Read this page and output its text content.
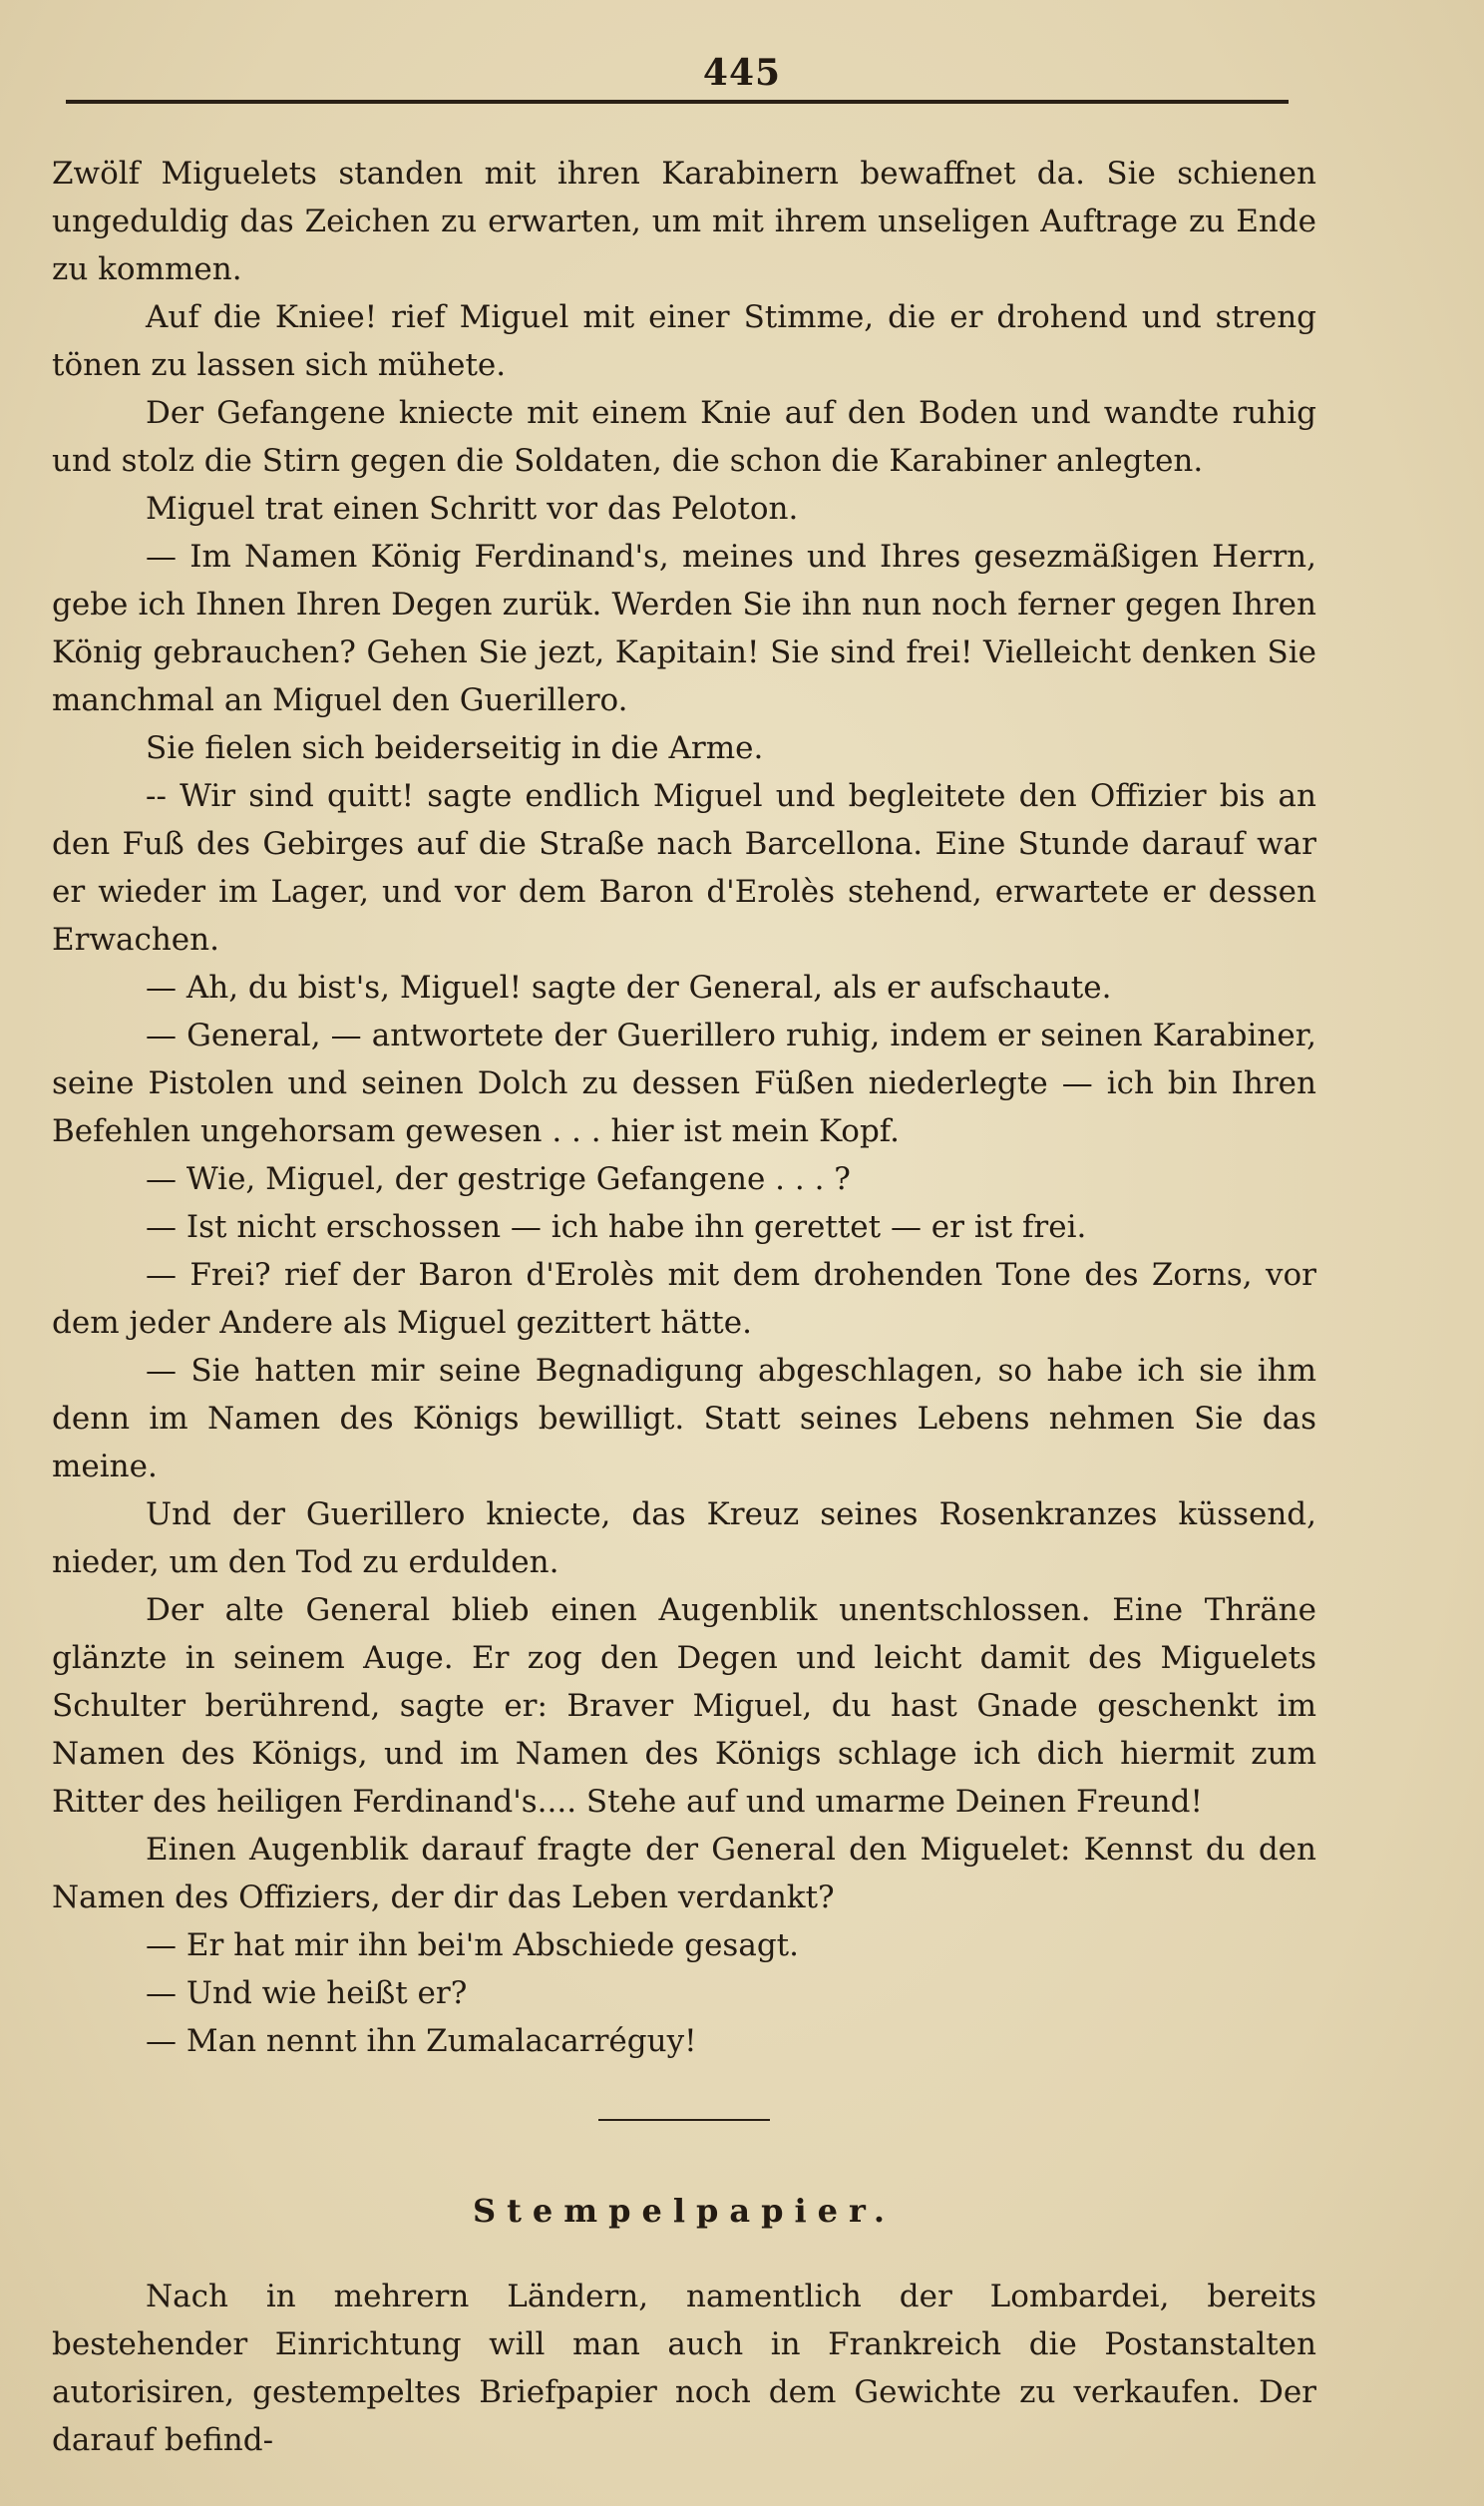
445

Zwölf Miguelets standen mit ihren Karabinern bewaffnet da. Sie schienen ungeduldig das Zeichen zu erwarten, um mit ihrem unseligen Auftrage zu Ende zu kommen.

Auf die Kniee! rief Miguel mit einer Stimme, die er drohend und streng tönen zu lassen sich mühete.

Der Gefangene kniecte mit einem Knie auf den Boden und wandte ruhig und stolz die Stirn gegen die Soldaten, die schon die Karabiner anlegten.

Miguel trat einen Schritt vor das Peloton.

— Im Namen König Ferdinand's, meines und Ihres gesezmäßigen Herrn, gebe ich Ihnen Ihren Degen zurük. Werden Sie ihn nun noch ferner gegen Ihren König gebrauchen? Gehen Sie jezt, Kapitain! Sie sind frei! Vielleicht denken Sie manchmal an Miguel den Guerillero.

Sie fielen sich beiderseitig in die Arme.

-- Wir sind quitt! sagte endlich Miguel und begleitete den Offizier bis an den Fuß des Gebirges auf die Straße nach Barcellona. Eine Stunde darauf war er wieder im Lager, und vor dem Baron d'Erolès stehend, erwartete er dessen Erwachen.

— Ah, du bist's, Miguel! sagte der General, als er aufschaute.

— General, — antwortete der Guerillero ruhig, indem er seinen Karabiner, seine Pistolen und seinen Dolch zu dessen Füßen niederlegte — ich bin Ihren Befehlen ungehorsam gewesen . . . hier ist mein Kopf.

— Wie, Miguel, der gestrige Gefangene . . . ?

— Ist nicht erschossen — ich habe ihn gerettet — er ist frei.

— Frei? rief der Baron d'Erolès mit dem drohenden Tone des Zorns, vor dem jeder Andere als Miguel gezittert hätte.

— Sie hatten mir seine Begnadigung abgeschlagen, so habe ich sie ihm denn im Namen des Königs bewilligt. Statt seines Lebens nehmen Sie das meine.

Und der Guerillero kniecte, das Kreuz seines Rosenkranzes küssend, nieder, um den Tod zu erdulden.

Der alte General blieb einen Augenblik unentschlossen. Eine Thräne glänzte in seinem Auge. Er zog den Degen und leicht damit des Miguelets Schulter berührend, sagte er: Braver Miguel, du hast Gnade geschenkt im Namen des Königs, und im Namen des Königs schlage ich dich hiermit zum Ritter des heiligen Ferdinand's.... Stehe auf und umarme Deinen Freund!

Einen Augenblik darauf fragte der General den Miguelet: Kennst du den Namen des Offiziers, der dir das Leben verdankt?

— Er hat mir ihn bei'm Abschiede gesagt.

— Und wie heißt er?

— Man nennt ihn Zumalacarréguy!

Stempelpapier.

Nach in mehrern Ländern, namentlich der Lombardei, bereits bestehender Einrichtung will man auch in Frankreich die Postanstalten autorisiren, gestempeltes Briefpapier noch dem Gewichte zu verkaufen. Der darauf befind-
